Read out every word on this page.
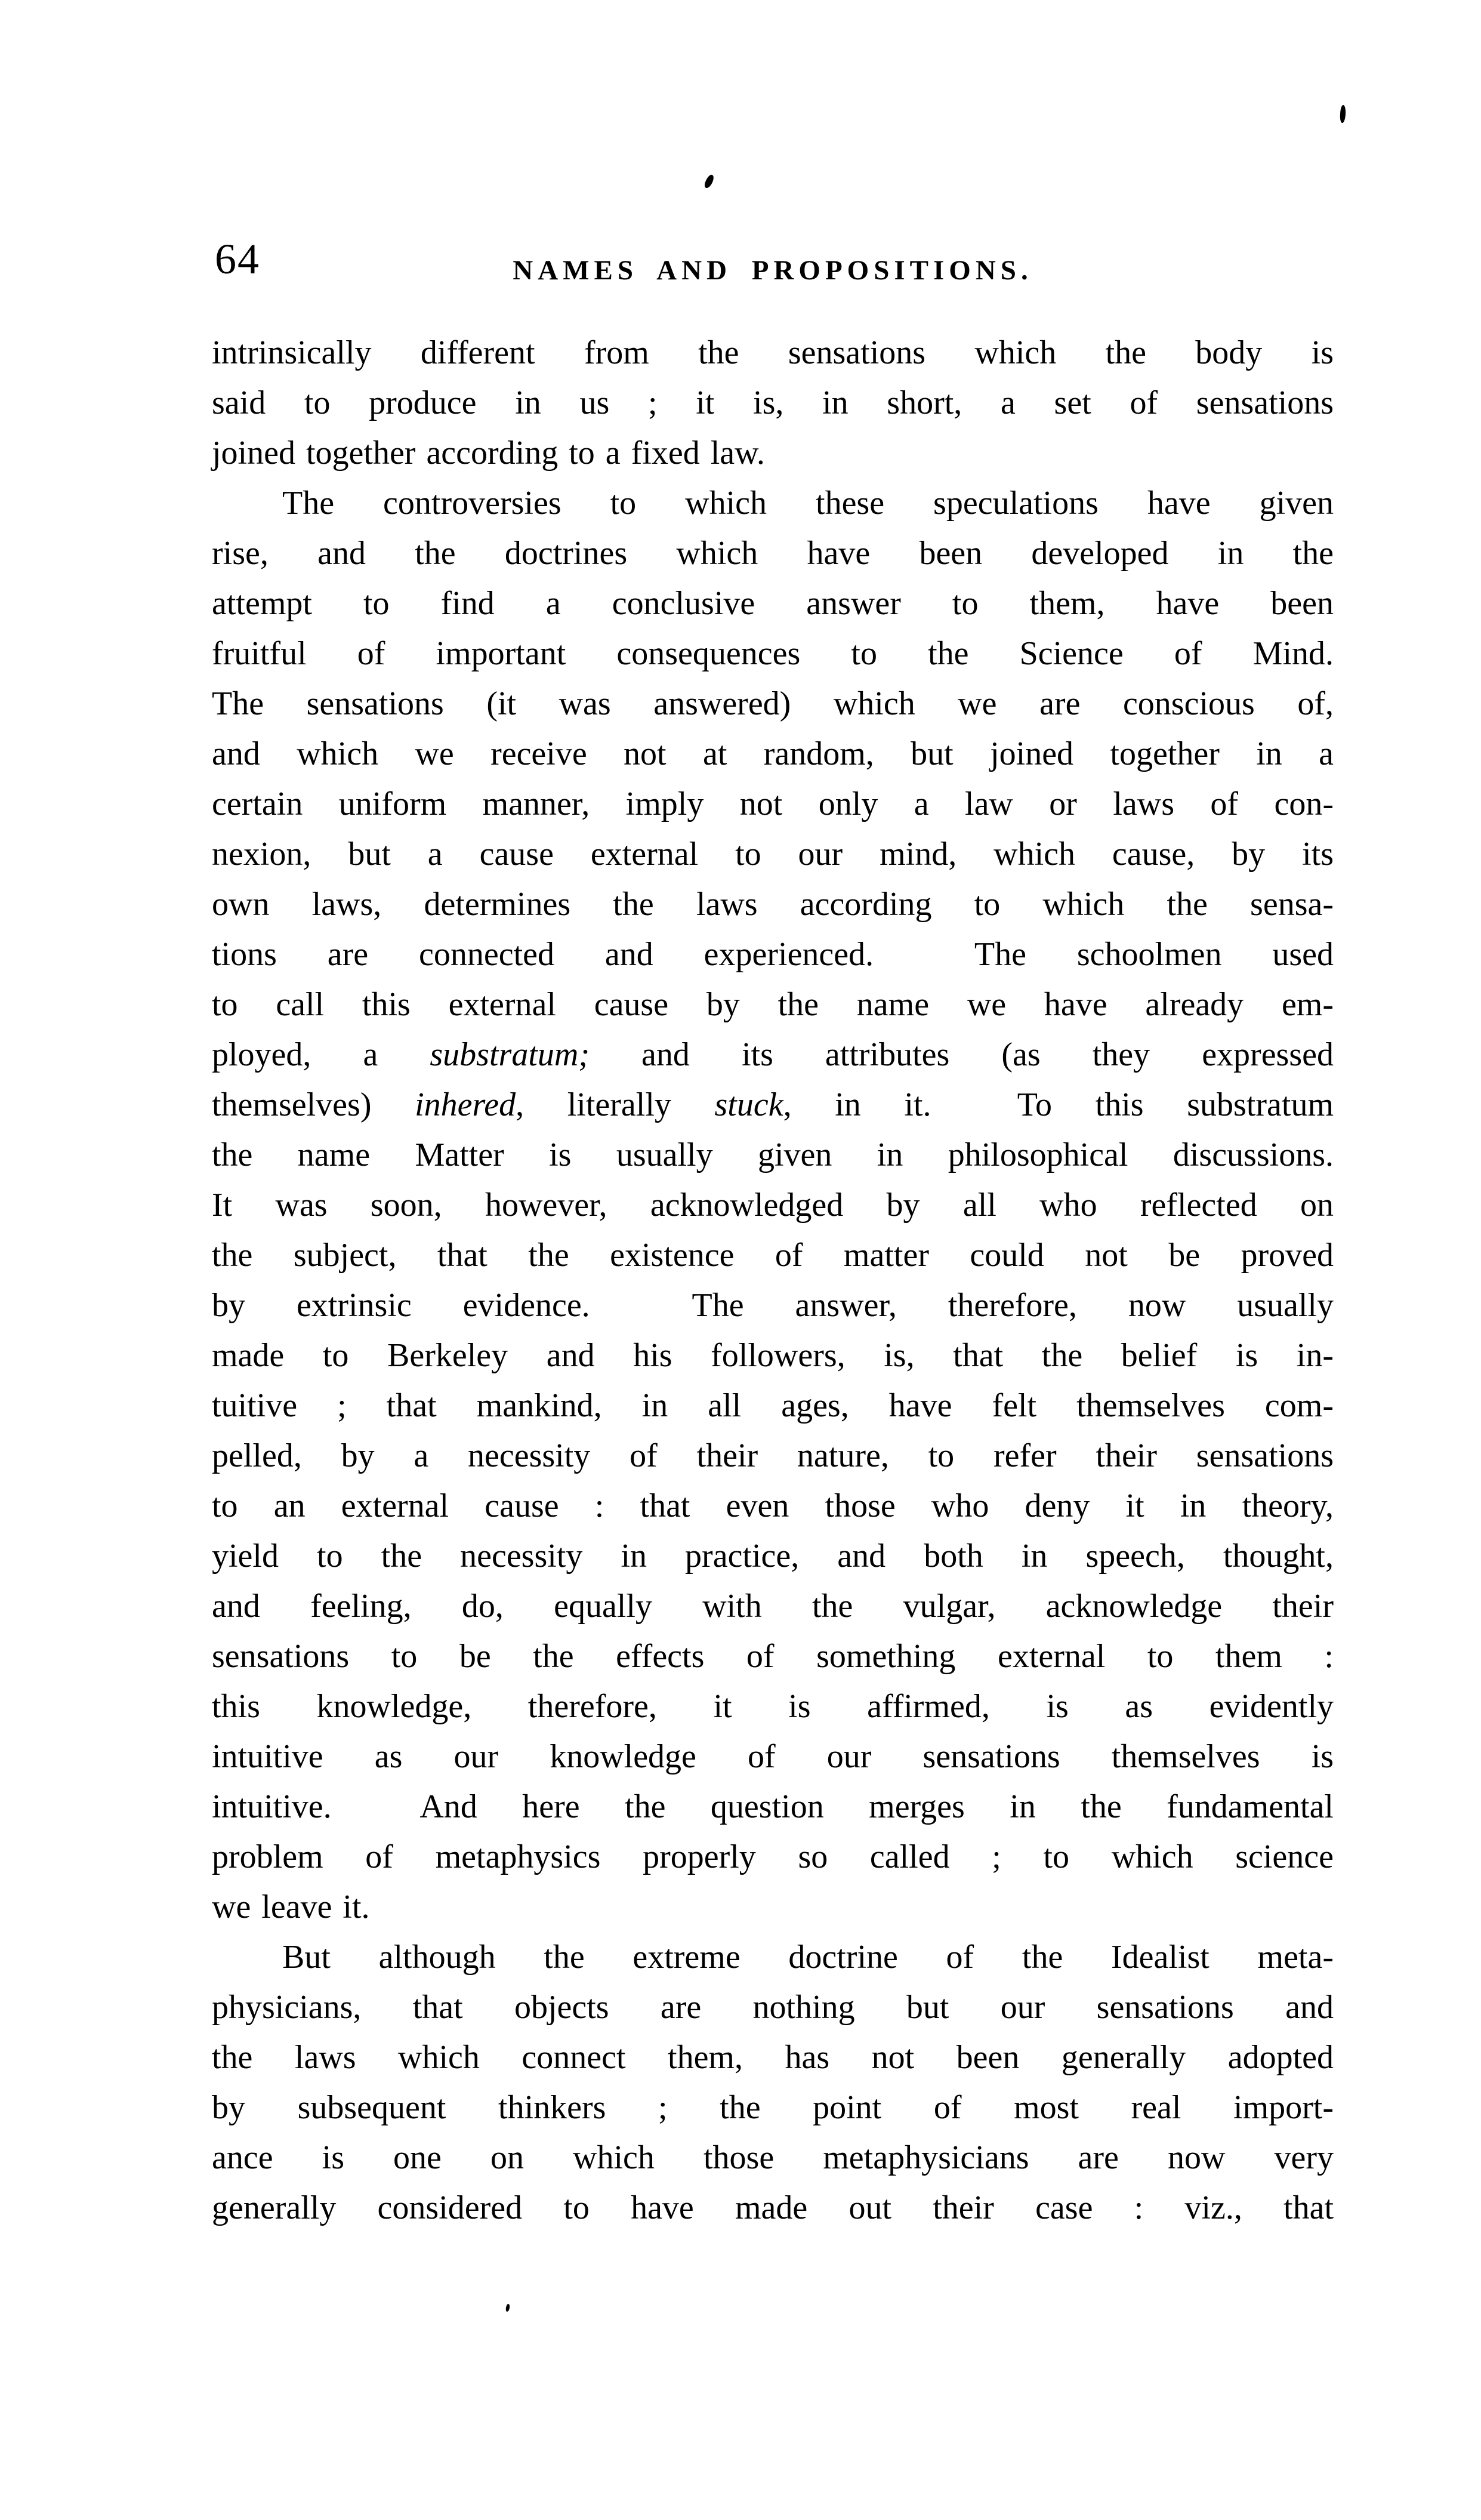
64	NAMES AND PROPOSITIONS.
intrinsically different from the sensations which the body is
said to produce in us ; it is, in short, a set of sensations
joined together according to a fixed law.
The controversies to which these speculations have given
rise, and the doctrines which have been developed in the
attempt to find a conclusive answer to them, have been
fruitful of important consequences to the Science of Mind.
The sensations (it was answered) which we are conscious of,
and which we receive not at random, but joined together in a
certain uniform manner, imply not only a law or laws of con-
nexion, but a cause external to our mind, which cause, by its
own laws, determines the laws according to which the sensa-
tions are connected and experienced.  The schoolmen used
to call this external cause by the name we have already em-
ployed, a substratum; and its attributes (as they expressed
themselves) inhered, literally stuck, in it.  To this substratum
the name Matter is usually given in philosophical discussions.
It was soon, however, acknowledged by all who reflected on
the subject, that the existence of matter could not be proved
by extrinsic evidence.  The answer, therefore, now usually
made to Berkeley and his followers, is, that the belief is in-
tuitive ; that mankind, in all ages, have felt themselves com-
pelled, by a necessity of their nature, to refer their sensations
to an external cause : that even those who deny it in theory,
yield to the necessity in practice, and both in speech, thought,
and feeling, do, equally with the vulgar, acknowledge their
sensations to be the effects of something external to them :
this knowledge, therefore, it is affirmed, is as evidently
intuitive as our knowledge of our sensations themselves is
intuitive.  And here the question merges in the fundamental
problem of metaphysics properly so called ; to which science
we leave it.
But although the extreme doctrine of the Idealist meta-
physicians, that objects are nothing but our sensations and
the laws which connect them, has not been generally adopted
by subsequent thinkers ; the point of most real import-
ance is one on which those metaphysicians are now very
generally considered to have made out their case : viz., that
